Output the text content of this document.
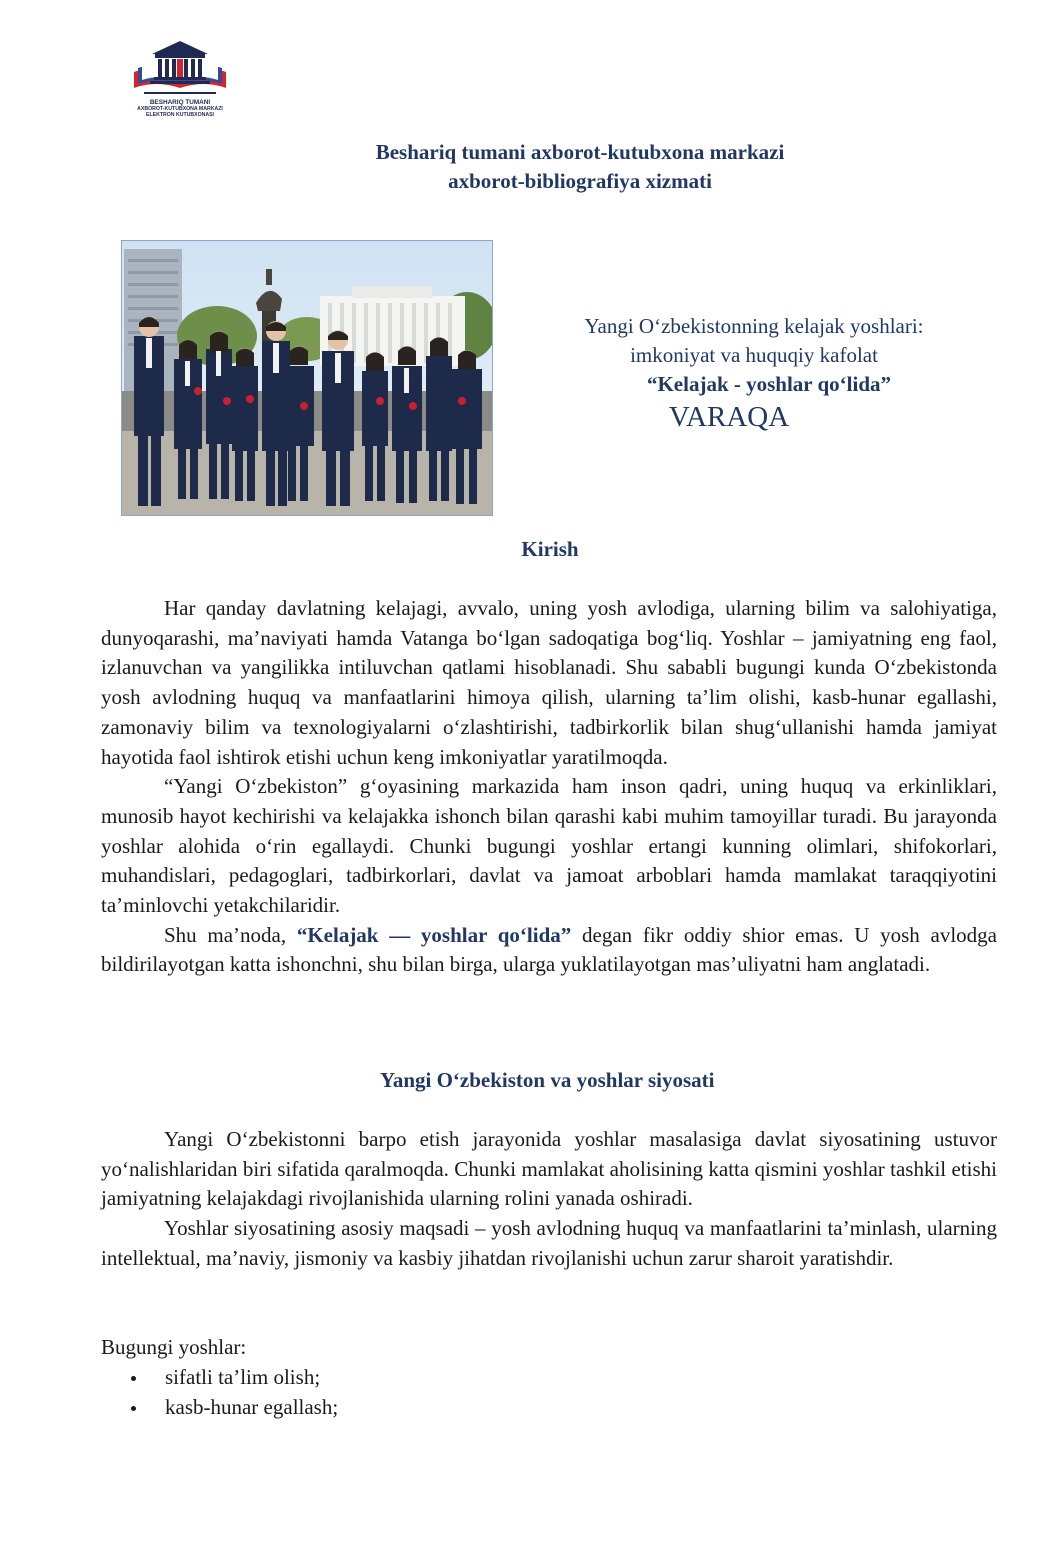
BESHARIQ TUMANI
AXBOROT-KUTUBXONA MARKAZI
ELEKTRON KUTUBXONASI
Beshariq tumani axborot-kutubxona markazi
axborot-bibliografiya xizmati
Yangi O‘zbekistonning kelajak yoshlari:
imkoniyat va huquqiy kafolat
“Kelajak - yoshlar qo‘lida”
VARAQA
Kirish

Har qanday davlatning kelajagi, avvalo, uning yosh avlodiga, ularning bilim va salohiyatiga, dunyoqarashi, ma’naviyati hamda Vatanga bo‘lgan sadoqatiga bog‘liq. Yoshlar – jamiyatning eng faol, izlanuvchan va yangilikka intiluvchan qatlami hisoblanadi. Shu sababli bugungi kunda O‘zbekistonda yosh avlodning huquq va manfaatlarini himoya qilish, ularning ta’lim olishi, kasb-hunar egallashi, zamonaviy bilim va texnologiyalarni o‘zlashtirishi, tadbirkorlik bilan shug‘ullanishi hamda jamiyat hayotida faol ishtirok etishi uchun keng imkoniyatlar yaratilmoqda.

“Yangi O‘zbekiston” g‘oyasining markazida ham inson qadri, uning huquq va erkinliklari, munosib hayot kechirishi va kelajakka ishonch bilan qarashi kabi muhim tamoyillar turadi. Bu jarayonda yoshlar alohida o‘rin egallaydi. Chunki bugungi yoshlar ertangi kunning olimlari, shifokorlari, muhandislari, pedagoglari, tadbirkorlari, davlat va jamoat arboblari hamda mamlakat taraqqiyotini ta’minlovchi yetakchilaridir.

Shu ma’noda, “Kelajak — yoshlar qo‘lida” degan fikr oddiy shior emas. U yosh avlodga bildirilayotgan katta ishonchni, shu bilan birga, ularga yuklatilayotgan mas’uliyatni ham anglatadi.

Yangi O‘zbekiston va yoshlar siyosati

Yangi O‘zbekistonni barpo etish jarayonida yoshlar masalasiga davlat siyosatining ustuvor yo‘nalishlaridan biri sifatida qaralmoqda. Chunki mamlakat aholisining katta qismini yoshlar tashkil etishi jamiyatning kelajakdagi rivojlanishida ularning rolini yanada oshiradi.

Yoshlar siyosatining asosiy maqsadi – yosh avlodning huquq va manfaatlarini ta’minlash, ularning intellektual, ma’naviy, jismoniy va kasbiy jihatdan rivojlanishi uchun zarur sharoit yaratishdir.

Bugungi yoshlar:
sifatli ta’lim olish;
kasb-hunar egallash;
